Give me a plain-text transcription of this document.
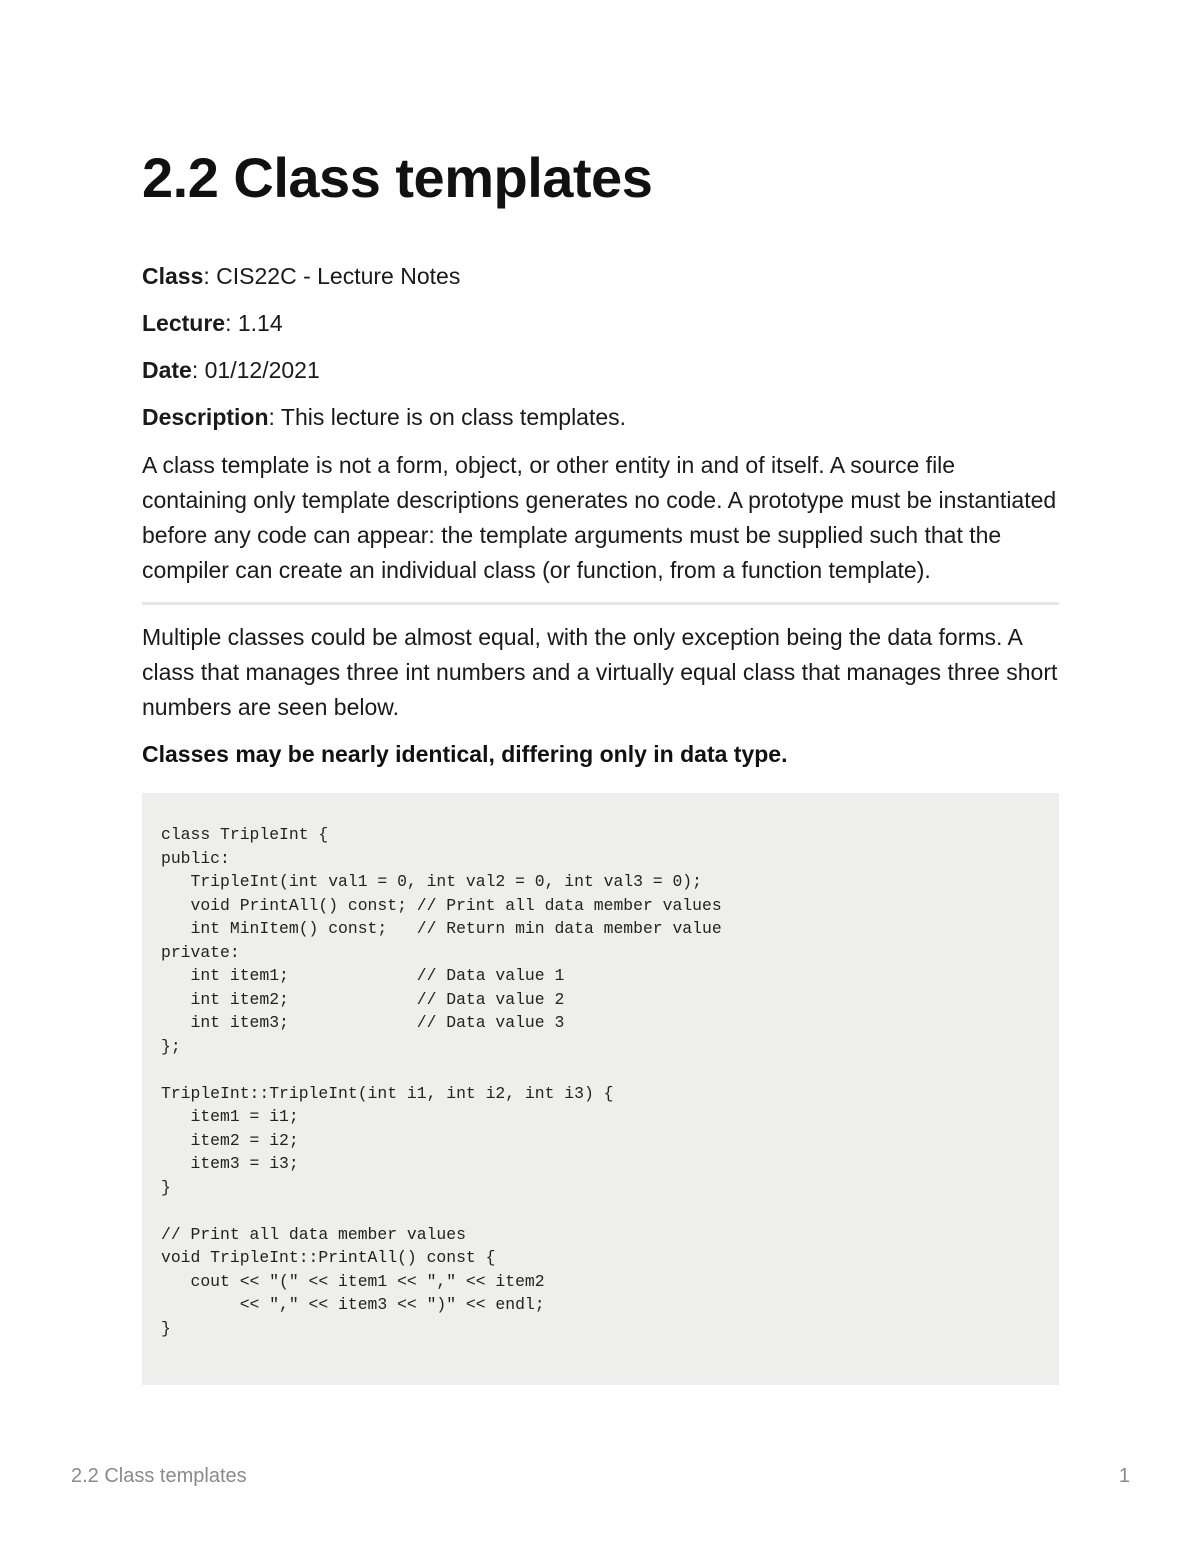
2.2 Class templates
Class: CIS22C - Lecture Notes
Lecture: 1.14
Date: 01/12/2021
Description: This lecture is on class templates.

A class template is not a form, object, or other entity in and of itself. A source file containing only template descriptions generates no code. A prototype must be instantiated before any code can appear: the template arguments must be supplied such that the compiler can create an individual class (or function, from a function template).

Multiple classes could be almost equal, with the only exception being the data forms. A class that manages three int numbers and a virtually equal class that manages three short numbers are seen below.

Classes may be nearly identical, differing only in data type.

class TripleInt {
public:
TripleInt(int val1 = 0, int val2 = 0, int val3 = 0);
void PrintAll() const; // Print all data member values
int MinItem() const;   // Return min data member value
private:
int item1;             // Data value 1
int item2;             // Data value 2
int item3;             // Data value 3
};

TripleInt::TripleInt(int i1, int i2, int i3) {
item1 = i1;
item2 = i2;
item3 = i3;
}

// Print all data member values
void TripleInt::PrintAll() const {
cout << "(" << item1 << "," << item2
<< "," << item3 << ")" << endl;
}
2.2 Class templates	1
